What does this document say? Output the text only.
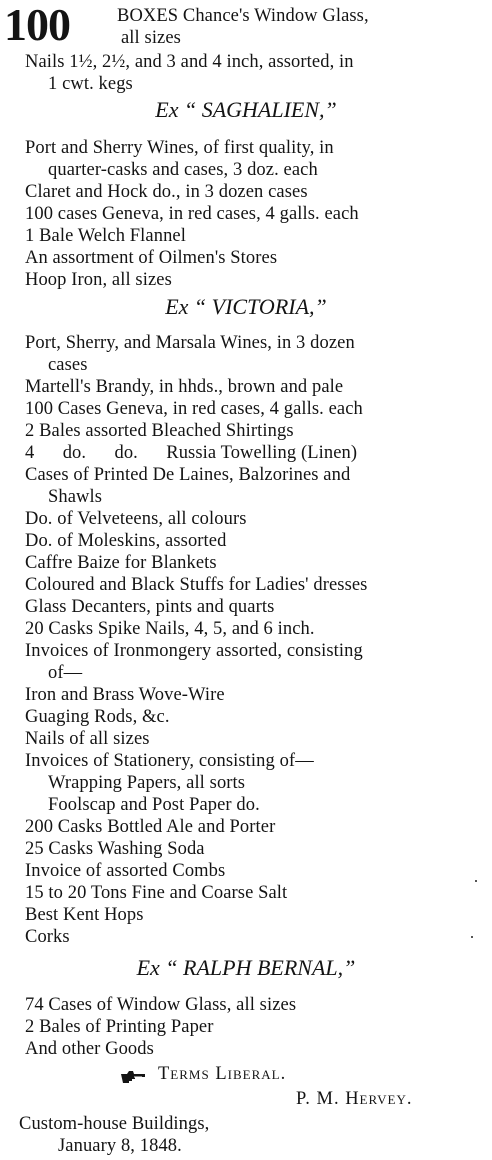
100	BOXES Chance's Window Glass,
all sizes
Nails 1½, 2½, and 3 and 4 inch, assorted, in
1 cwt. kegs
Ex “ SAGHALIEN,”
Port and Sherry Wines, of first quality, in
quarter-casks and cases, 3 doz. each
Claret and Hock do., in 3 dozen cases
100 cases Geneva, in red cases, 4 galls. each
1 Bale Welch Flannel
An assortment of Oilmen's Stores
Hoop Iron, all sizes
Ex “ VICTORIA,”
Port, Sherry, and Marsala Wines, in 3 dozen
cases
Martell's Brandy, in hhds., brown and pale
100 Cases Geneva, in red cases, 4 galls. each
2 Bales assorted Bleached Shirtings
4      do.      do.      Russia Towelling (Linen)
Cases of Printed De Laines, Balzorines and
Shawls
Do. of Velveteens, all colours
Do. of Moleskins, assorted
Caffre Baize for Blankets
Coloured and Black Stuffs for Ladies' dresses
Glass Decanters, pints and quarts
20 Casks Spike Nails, 4, 5, and 6 inch.
Invoices of Ironmongery assorted, consisting
of—
Iron and Brass Wove-Wire
Guaging Rods, &c.
Nails of all sizes
Invoices of Stationery, consisting of—
Wrapping Papers, all sorts
Foolscap and Post Paper do.
200 Casks Bottled Ale and Porter
25 Casks Washing Soda
Invoice of assorted Combs
15 to 20 Tons Fine and Coarse Salt
Best Kent Hops
Corks
Ex “ RALPH BERNAL,”
74 Cases of Window Glass, all sizes
2 Bales of Printing Paper
And other Goods
Terms Liberal.
P. M. Hervey.
Custom-house Buildings,
January 8, 1848.
